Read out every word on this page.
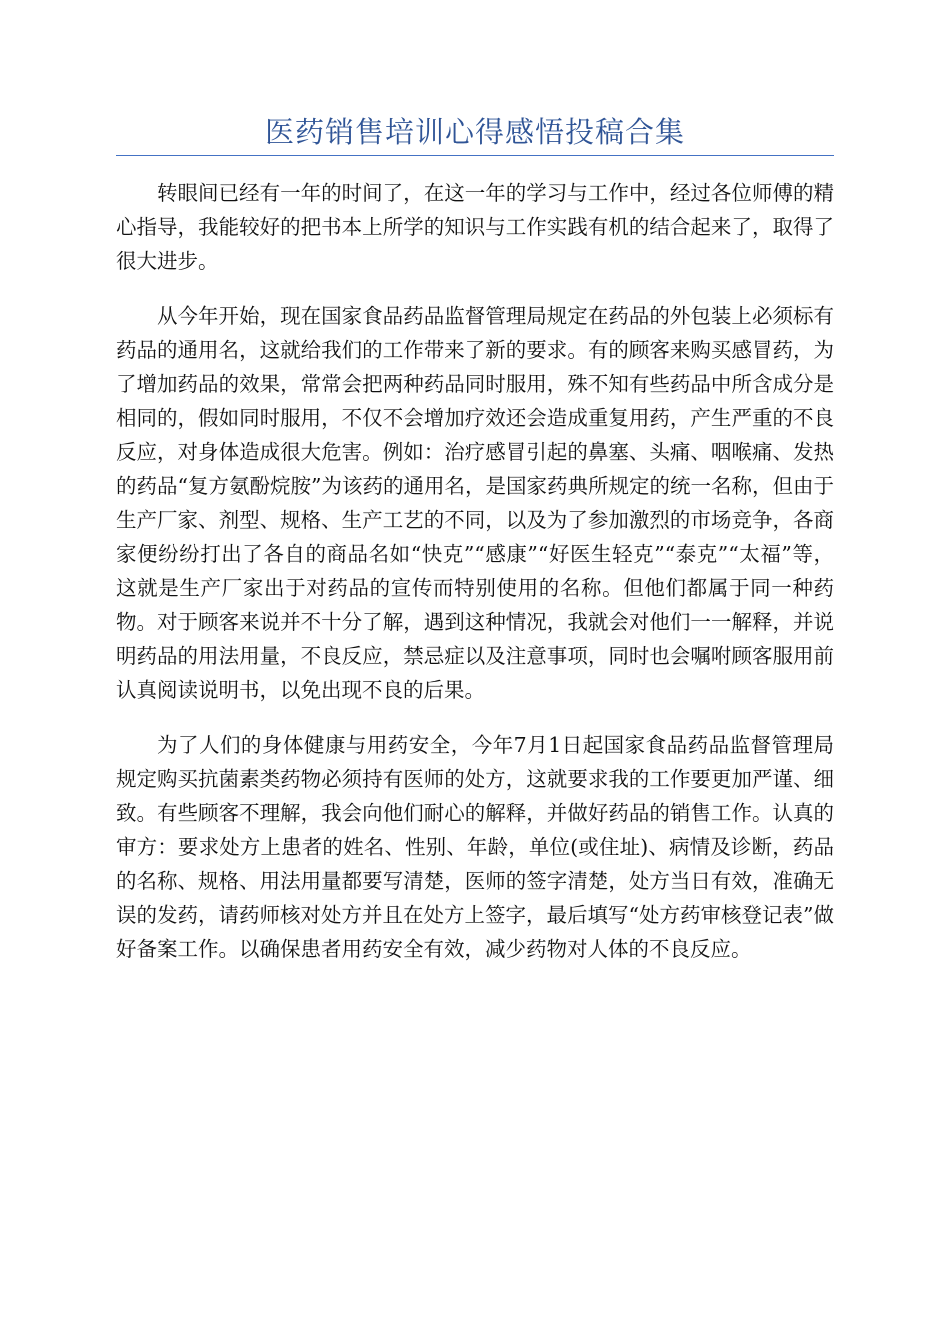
医药销售培训心得感悟投稿合集

转眼间已经有一年的时间了，在这一年的学习与工作中，经过各位师傅的精心指导，我能较好的把书本上所学的知识与工作实践有机的结合起来了，取得了很大进步。

从今年开始，现在国家食品药品监督管理局规定在药品的外包装上必须标有药品的通用名，这就给我们的工作带来了新的要求。有的顾客来购买感冒药，为了增加药品的效果，常常会把两种药品同时服用，殊不知有些药品中所含成分是相同的，假如同时服用，不仅不会增加疗效还会造成重复用药，产生严重的不良反应，对身体造成很大危害。例如：治疗感冒引起的鼻塞、头痛、咽喉痛、发热的药品“复方氨酚烷胺”为该药的通用名，是国家药典所规定的统一名称，但由于生产厂家、剂型、规格、生产工艺的不同，以及为了参加激烈的市场竞争，各商家便纷纷打出了各自的商品名如“快克”“感康”“好医生轻克”“泰克”“太福”等，这就是生产厂家出于对药品的宣传而特别使用的名称。但他们都属于同一种药物。对于顾客来说并不十分了解，遇到这种情况，我就会对他们一一解释，并说明药品的用法用量，不良反应，禁忌症以及注意事项，同时也会嘱咐顾客服用前认真阅读说明书，以免出现不良的后果。

为了人们的身体健康与用药安全，今年7月1日起国家食品药品监督管理局规定购买抗菌素类药物必须持有医师的处方，这就要求我的工作要更加严谨、细致。有些顾客不理解，我会向他们耐心的解释，并做好药品的销售工作。认真的审方：要求处方上患者的姓名、性别、年龄，单位(或住址)、病情及诊断，药品的名称、规格、用法用量都要写清楚，医师的签字清楚，处方当日有效，准确无误的发药，请药师核对处方并且在处方上签字，最后填写“处方药审核登记表”做好备案工作。以确保患者用药安全有效，减少药物对人体的不良反应。
